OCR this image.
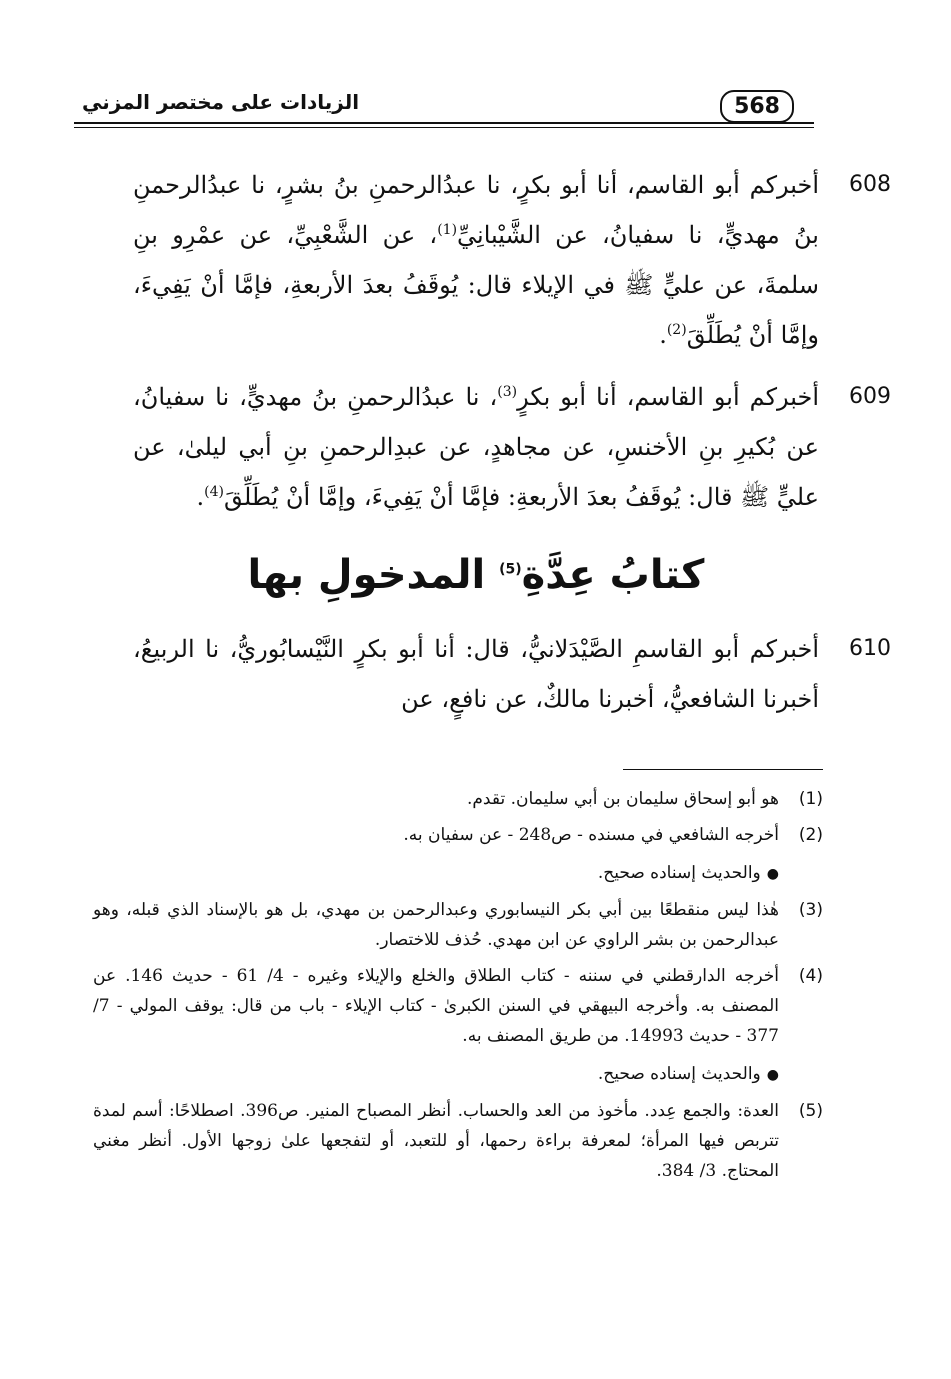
568
الزيادات على مختصر المزني
608

أخبركم أبو القاسم، أنا أبو بكرٍ، نا عبدُالرحمنِ بنُ بشرٍ، نا عبدُالرحمنِ بنُ مهديٍّ، نا سفيانُ، عن الشَّيْبانِيِّ$^{(1)}$، عن الشَّعْبِيِّ، عن عمْرِو بنِ سلمةَ، عن عليٍّ ﷺ في الإيلاء قال: يُوقَفُ بعدَ الأربعةِ، فإمَّا أنْ يَفِيءَ، وإمَّا أنْ يُطَلِّقَ$^{(2)}$.

609

أخبركم أبو القاسم، أنا أبو بكرٍ$^{(3)}$، نا عبدُالرحمنِ بنُ مهديٍّ، نا سفيانُ، عن بُكيرِ بنِ الأخنسِ، عن مجاهدٍ، عن عبدِالرحمنِ بنِ أبي ليلىٰ، عن عليٍّ ﷺ قال: يُوقَفُ بعدَ الأربعةِ: فإمَّا أنْ يَفِيءَ، وإمَّا أنْ يُطَلِّقَ$^{(4)}$.

كتابُ عِدَّةِ$^{(5)}$ المدخولِ بها
610

أخبركم أبو القاسمِ الصَّيْدَلانيُّ، قال: أنا أبو بكرٍ النَّيْسابُوريُّ، نا الربيعُ، أخبرنا الشافعيُّ، أخبرنا مالكٌ، عن نافعٍ، عن

(1)
هو أبو إسحاق سليمان بن أبي سليمان. تقدم.
(2)
أخرجه الشافعي في مسنده - ص248 - عن سفيان به.
●والحديث إسناده صحيح.
(3)
هٰذا ليس منقطعًا بين أبي بكر النيسابوري وعبدالرحمن بن مهدي، بل هو بالإسناد الذي قبله، وهو عبدالرحمن بن بشر الراوي عن ابن مهدي. حُذف للاختصار.
(4)
أخرجه الدارقطني في سننه - كتاب الطلاق والخلع والإيلاء وغيره - 4/ 61 - حديث 146. عن المصنف به. وأخرجه البيهقي في السنن الكبرىٰ - كتاب الإيلاء - باب من قال: يوقف المولي - 7/ 377 - حديث 14993. من طريق المصنف به.
●والحديث إسناده صحيح.
(5)
العدة: والجمع عِدد. مأخوذ من العد والحساب. أنظر المصباح المنير. ص396. اصطلاحًا: أسم لمدة تتربص فيها المرأة؛ لمعرفة براءة رحمها، أو للتعبد، أو لتفجعها علىٰ زوجها الأول. أنظر مغني المحتاج. 3/ 384.
